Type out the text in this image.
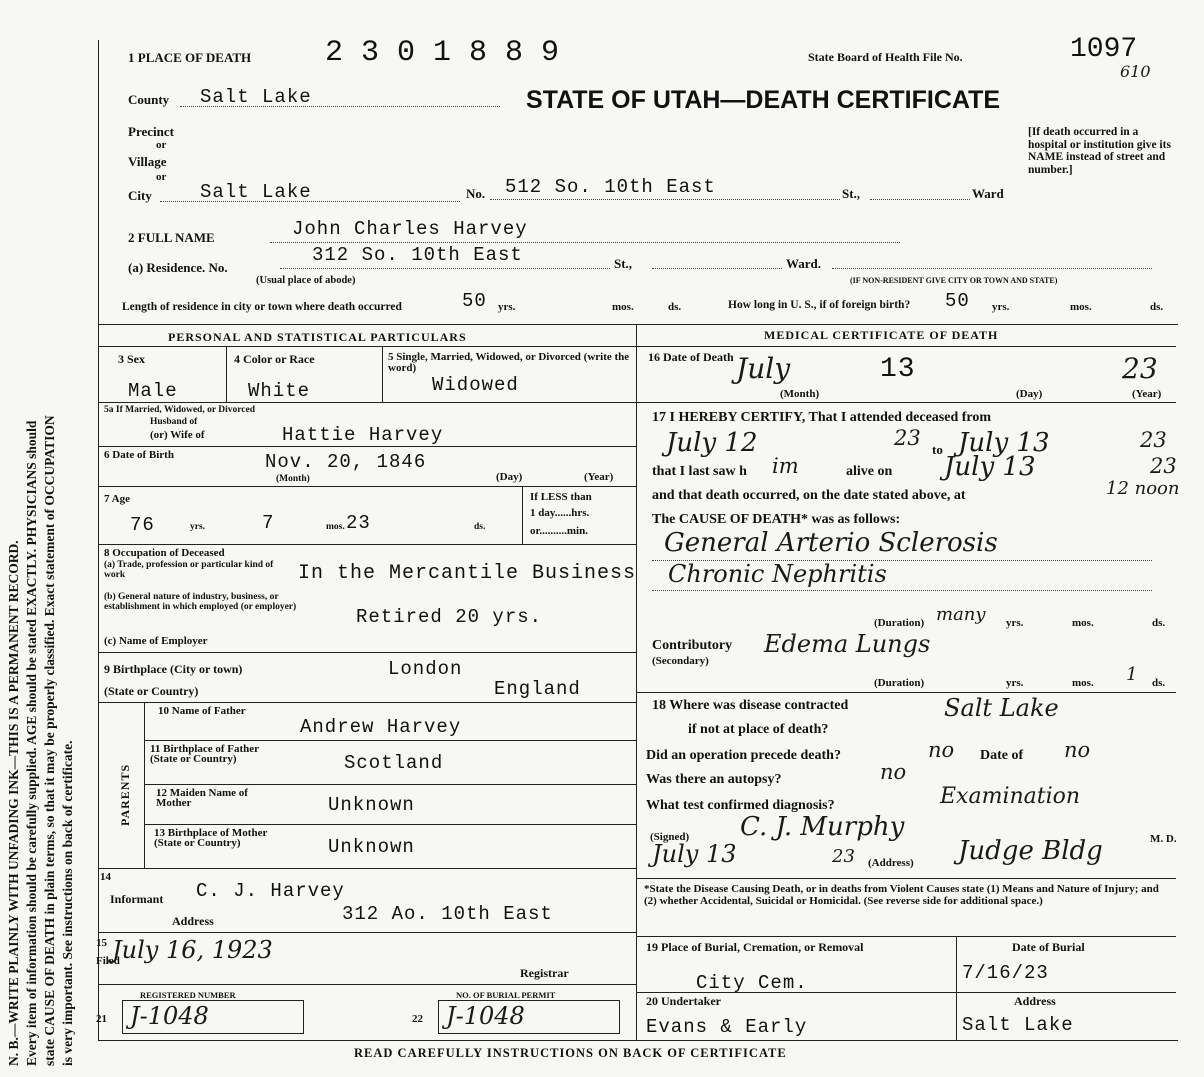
N. B.—WRITE PLAINLY WITH UNFADING INK—THIS IS A PERMANENT RECORD. Every item of information should be carefully supplied. AGE should be stated EXACTLY. PHYSICIANS should state CAUSE OF DEATH in plain terms, so that it may be properly classified. Exact statement of OCCUPATION is very important. See instructions on back of certificate.
1 PLACE OF DEATH 2 3 0 1 8 8 9	State Board of Health File No.	1097
610
County Salt Lake	STATE OF UTAH—DEATH CERTIFICATE
Precinct
or
Village
or
City	Salt Lake	No. 512 So. 10th East	St.,	Ward
[If death occurred in a hospital or institution give its NAME instead of street and number.]
2 FULL NAME	John Charles Harvey
(a) Residence. No.
312 So. 10th East	St.,	Ward.
(Usual place of abode)	(IF NON-RESIDENT GIVE CITY OR TOWN AND STATE)
Length of residence in city or town where death occurred	50 yrs.	mos.	ds.	How long in U. S., if of foreign birth? 50 yrs.	mos.	ds.
PERSONAL AND STATISTICAL PARTICULARS
3 Sex
Male
4 Color or Race
White
5 Single, Married, Widowed, or Divorced (write the word)
Widowed
5a If Married, Widowed, or Divorced
Husband of
(or) Wife of	Hattie Harvey
6 Date of Birth	Nov. 20, 1846
(Month)	(Day)	(Year)
7 Age
76	yrs.	7	mos. 23	ds.
If LESS than
1 day......hrs.
or..........min.
8 Occupation of Deceased
(a) Trade, profession or particular kind of work	In the Mercantile Business
(b) General nature of industry, business, or establishment in which employed (or employer)	Retired 20 yrs.
(c) Name of Employer
9 Birthplace (City or town)	London
(State or Country)	England
PARENTS
10 Name of Father
Andrew Harvey
11 Birthplace of Father (State or Country)	Scotland
12 Maiden Name of Mother	Unknown
13 Birthplace of Mother (State or Country)	Unknown
14
Informant C. J. Harvey
Address	312 Ao. 10th East
15
Filed
July 16, 1923
Registrar
REGISTERED NUMBER	NO. OF BURIAL PERMIT
21 J-1048	22 J-1048
MEDICAL CERTIFICATE OF DEATH
16 Date of Death July	13	23
(Month)	(Day)	(Year)
17 I HEREBY CERTIFY, That I attended deceased from
July 12	23 to July 13	23
that I last saw h im	alive on July 13	23
and that death occurred, on the date stated above, at	12 noon
The CAUSE OF DEATH* was as follows:
General Arterio Sclerosis
Chronic Nephritis
(Duration) many yrs.	mos.	ds.
Contributory
(Secondary)
Edema Lungs
(Duration)	yrs.	mos. 1 ds.
18 Where was disease contracted
if not at place of death?
Salt Lake
Did an operation precede death?	no Date of no
Was there an autopsy?	no
What test confirmed diagnosis?	Examination
(Signed) C. J. Murphy	M. D.
July 13	23 (Address) Judge Bldg
*State the Disease Causing Death, or in deaths from Violent Causes state (1) Means and Nature of Injury; and (2) whether Accidental, Suicidal or Homicidal. (See reverse side for additional space.)
19 Place of Burial, Cremation, or Removal
City Cem.
Date of Burial
7/16/23
20 Undertaker
Evans & Early
Address
Salt Lake
READ CAREFULLY INSTRUCTIONS ON BACK OF CERTIFICATE
